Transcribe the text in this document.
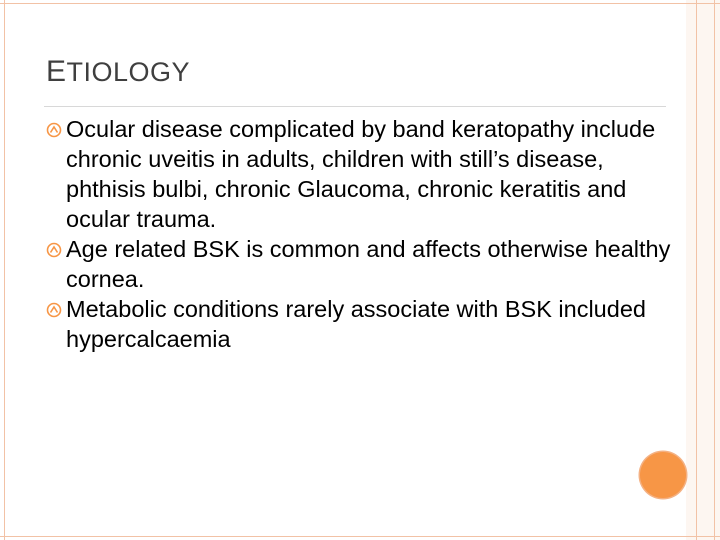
ETIOLOGY

Ocular disease complicated by band keratopathy include chronic uveitis in adults, children with still’s disease, phthisis bulbi, chronic Glaucoma, chronic keratitis and ocular trauma.

Age related BSK is common and affects otherwise healthy cornea.

Metabolic conditions rarely associate with BSK included hypercalcaemia
